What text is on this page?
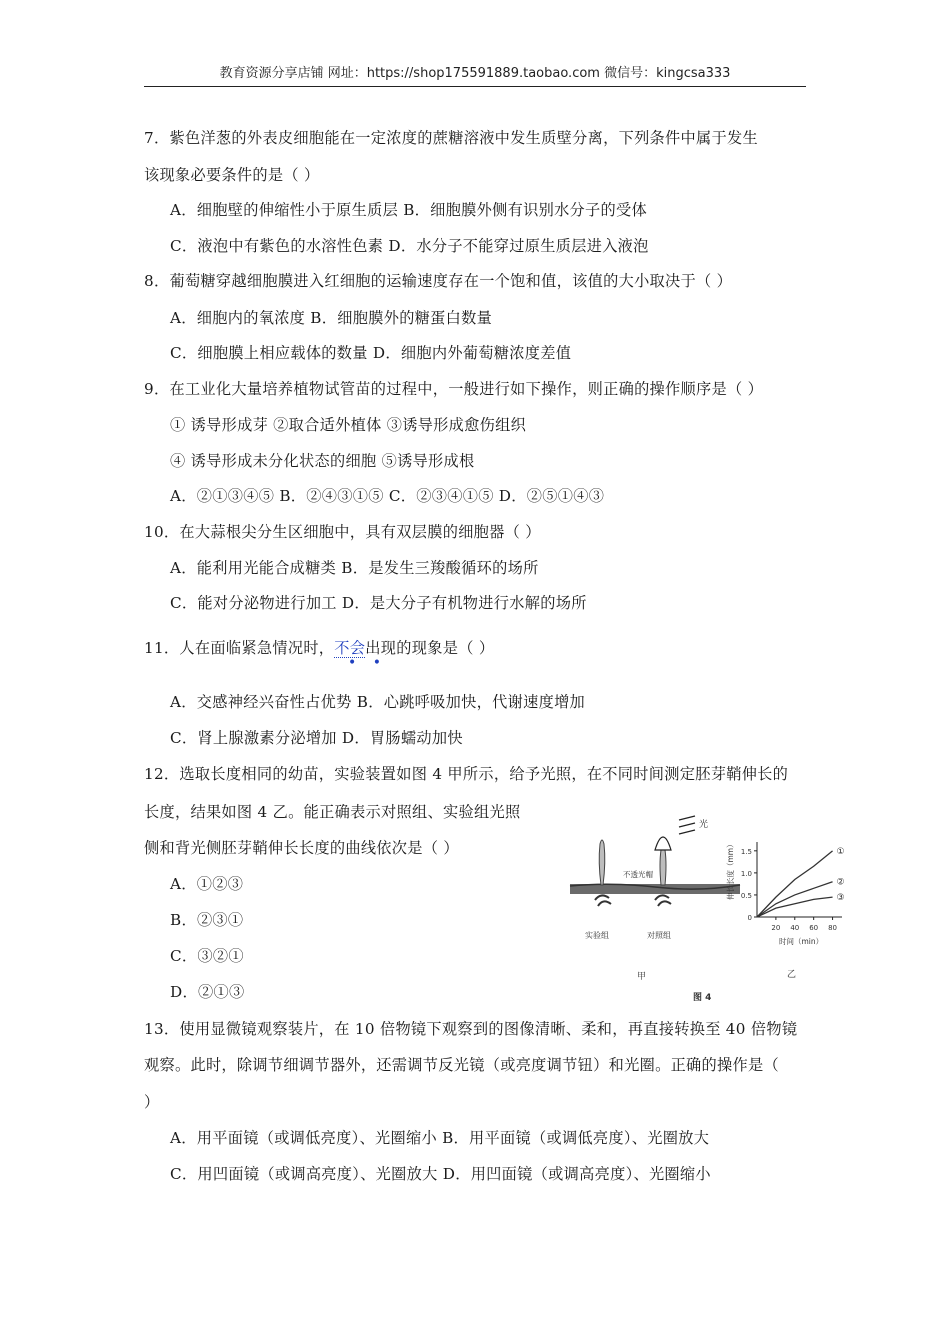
教育资源分享店铺 网址：https://shop175591889.taobao.com 微信号：kingcsa333
7．紫色洋葱的外表皮细胞能在一定浓度的蔗糖溶液中发生质壁分离，下列条件中属于发生
该现象必要条件的是（ ）
A．细胞壁的伸缩性小于原生质层 B．细胞膜外侧有识别水分子的受体
C．液泡中有紫色的水溶性色素 D．水分子不能穿过原生质层进入液泡
8．葡萄糖穿越细胞膜进入红细胞的运输速度存在一个饱和值，该值的大小取决于（ ）
A．细胞内的氧浓度 B．细胞膜外的糖蛋白数量
C．细胞膜上相应载体的数量 D．细胞内外葡萄糖浓度差值
9．在工业化大量培养植物试管苗的过程中，一般进行如下操作，则正确的操作顺序是（ ）
① 诱导形成芽 ②取合适外植体 ③诱导形成愈伤组织
④ 诱导形成未分化状态的细胞 ⑤诱导形成根
A．②①③④⑤ B．②④③①⑤ C．②③④①⑤ D．②⑤①④③
10．在大蒜根尖分生区细胞中，具有双层膜的细胞器（ ）
A．能利用光能合成糖类 B．是发生三羧酸循环的场所
C．能对分泌物进行加工 D．是大分子有机物进行水解的场所
11．人在面临紧急情况时，不会出现的现象是（ ）
• •
A．交感神经兴奋性占优势 B．心跳呼吸加快，代谢速度增加
C．肾上腺激素分泌增加 D．胃肠蠕动加快
12．选取长度相同的幼苗，实验装置如图 4 甲所示，给予光照，在不同时间测定胚芽鞘伸长的
长度，结果如图 4 乙。能正确表示对照组、实验组光照
侧和背光侧胚芽鞘伸长长度的曲线依次是（ ）
A．①②③
B．②③①
C．③②①
D．②①③
光
不透光帽
实验组	对照组
甲	乙
图 4
伸长长度（mm）
时间（min）
0
0.5
1.0
1.5
20 40 60 80
①
②
③
13．使用显微镜观察装片，在 10 倍物镜下观察到的图像清晰、柔和，再直接转换至 40 倍物镜
观察。此时，除调节细调节器外，还需调节反光镜（或亮度调节钮）和光圈。正确的操作是（
）
A．用平面镜（或调低亮度）、光圈缩小 B．用平面镜（或调低亮度）、光圈放大
C．用凹面镜（或调高亮度）、光圈放大 D．用凹面镜（或调高亮度）、光圈缩小
